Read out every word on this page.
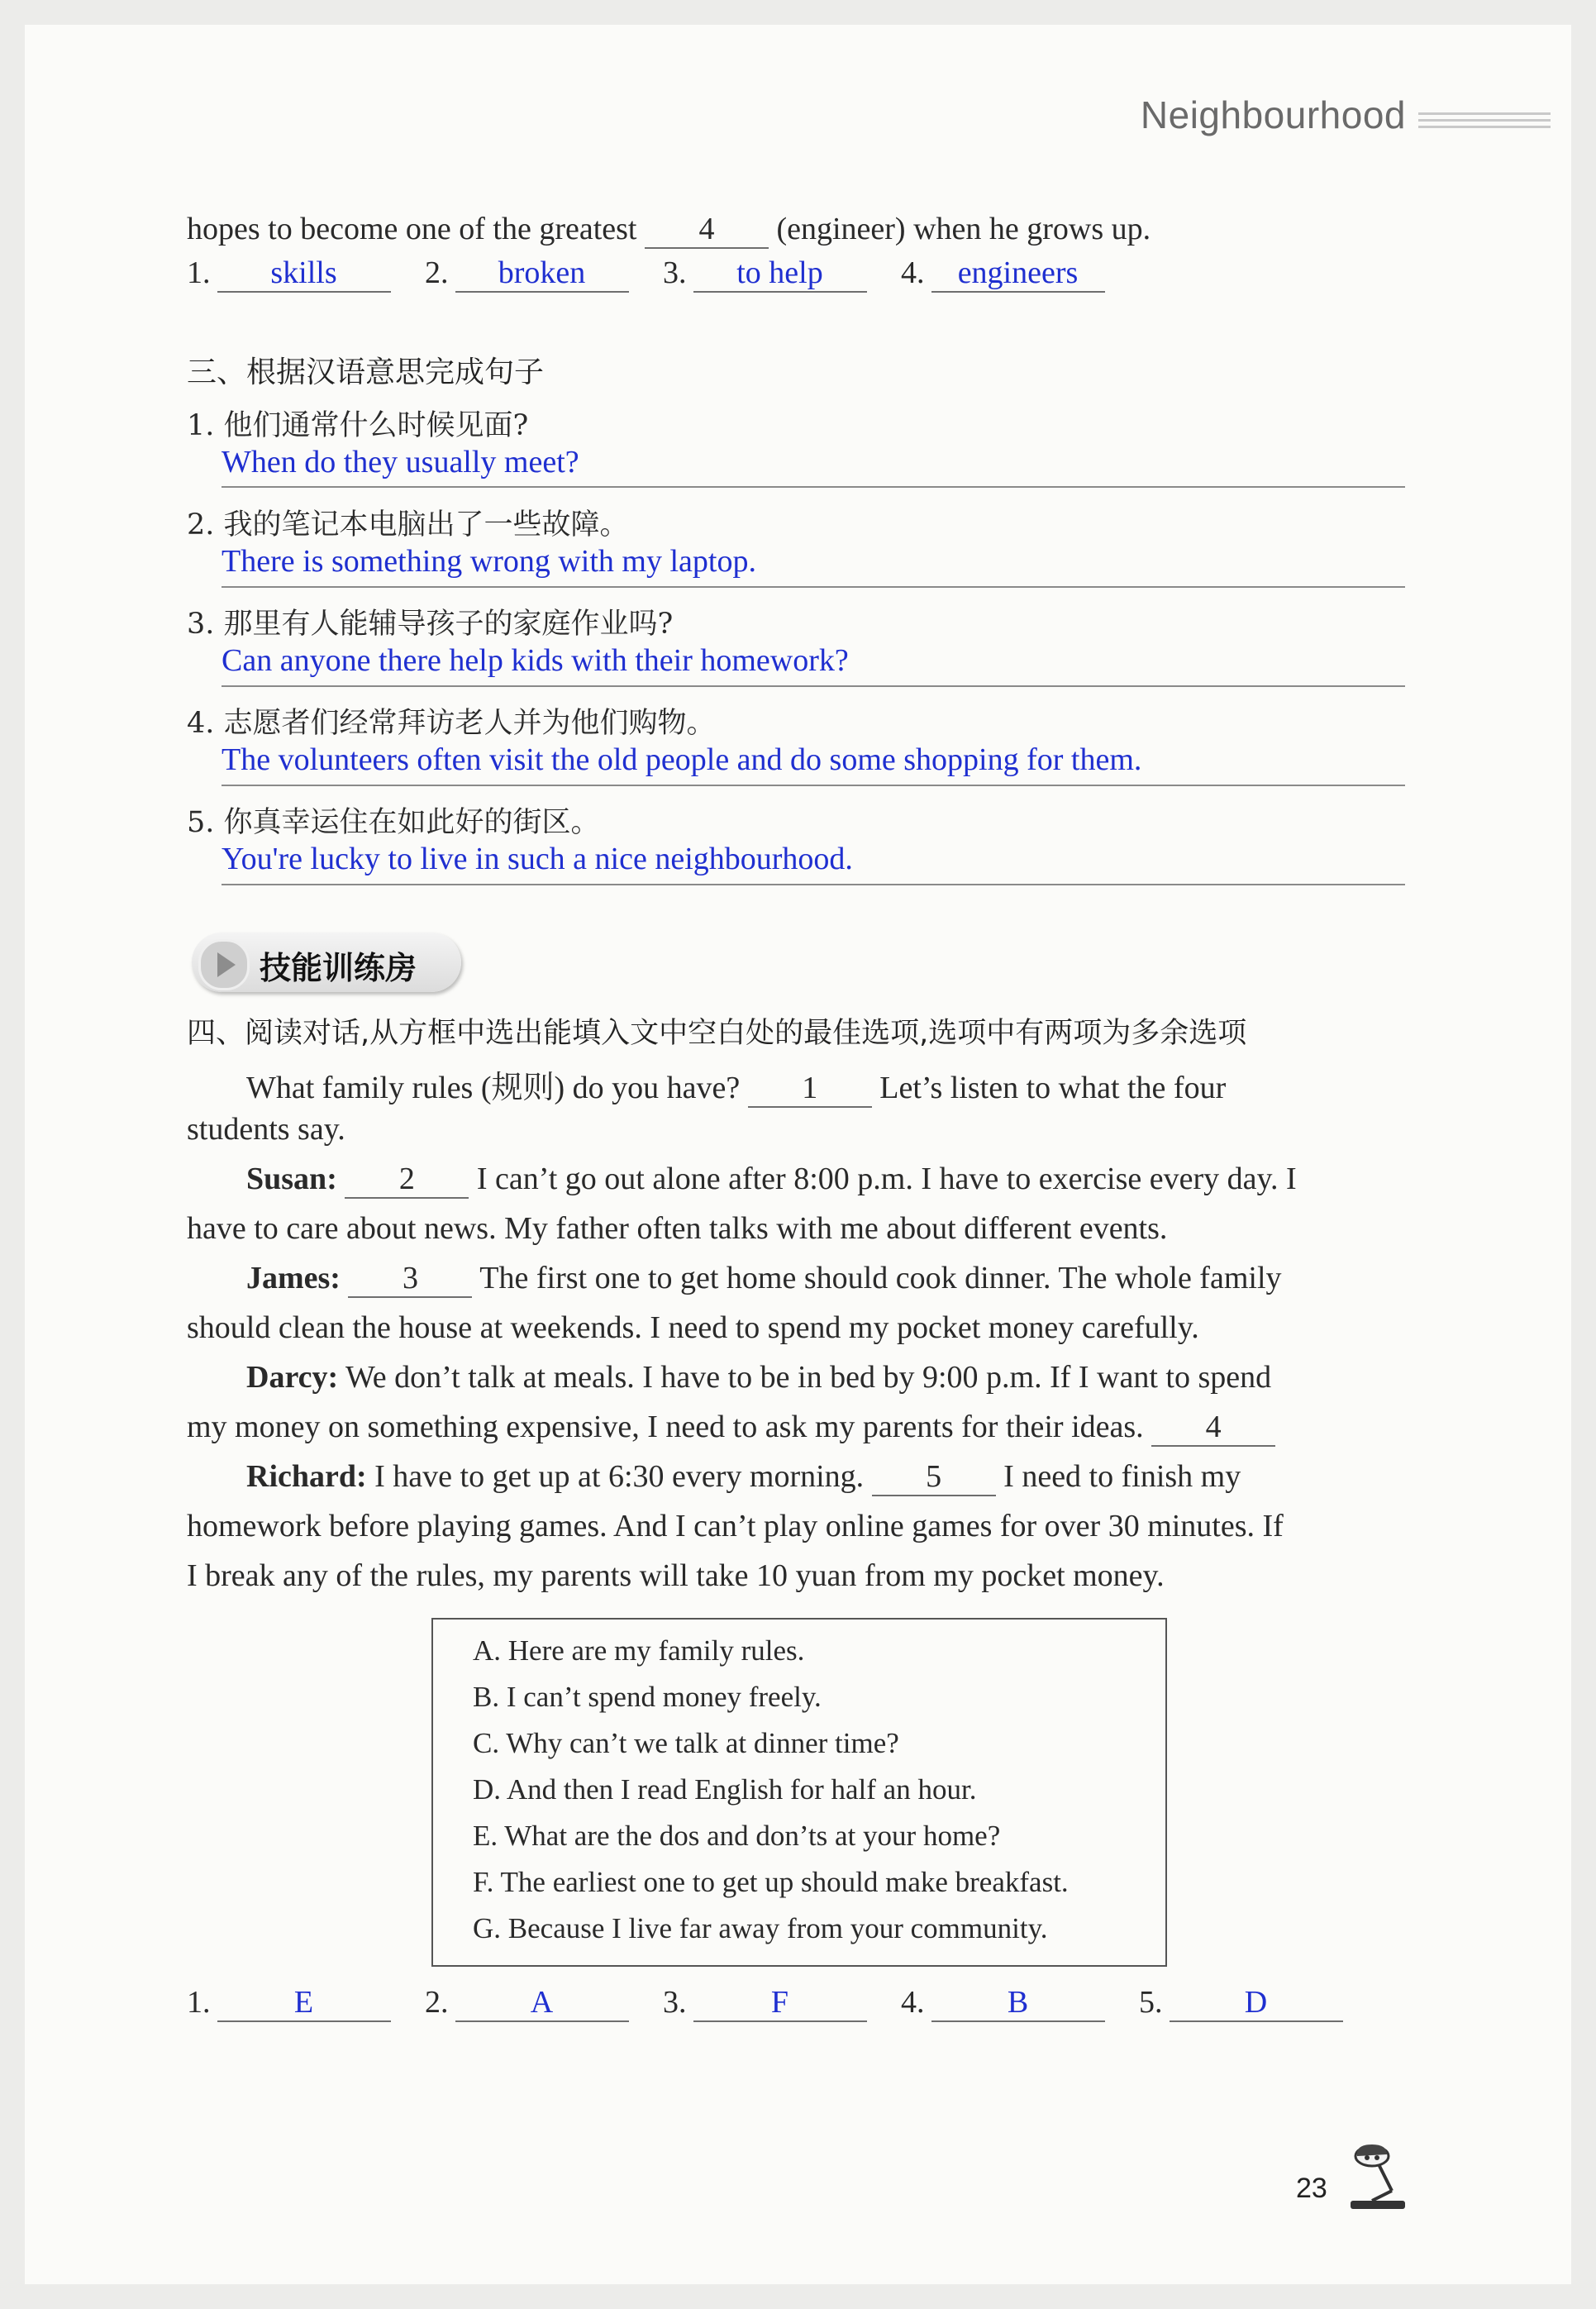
Neighbourhood
hopes to become one of the greatest 4 (engineer) when he grows up.
1. skills	2. broken	3. to help	4. engineers
三、根据汉语意思完成句子
1. 他们通常什么时候见面?
When do they usually meet?
2. 我的笔记本电脑出了一些故障。
There is something wrong with my laptop.
3. 那里有人能辅导孩子的家庭作业吗?
Can anyone there help kids with their homework?
4. 志愿者们经常拜访老人并为他们购物。
The volunteers often visit the old people and do some shopping for them.
5. 你真幸运住在如此好的街区。
You're lucky to live in such a nice neighbourhood.
技能训练房
四、阅读对话,从方框中选出能填入文中空白处的最佳选项,选项中有两项为多余选项
What family rules (规则) do you have? 1 Let’s listen to what the four
students say.
Susan: 2 I can’t go out alone after 8:00 p.m. I have to exercise every day. I
have to care about news. My father often talks with me about different events.
James: 3 The first one to get home should cook dinner. The whole family
should clean the house at weekends. I need to spend my pocket money carefully.
Darcy: We don’t talk at meals. I have to be in bed by 9:00 p.m. If I want to spend
my money on something expensive, I need to ask my parents for their ideas. 4
Richard: I have to get up at 6:30 every morning. 5 I need to finish my
homework before playing games. And I can’t play online games for over 30 minutes. If
I break any of the rules, my parents will take 10 yuan from my pocket money.
A. Here are my family rules.
B. I can’t spend money freely.
C. Why can’t we talk at dinner time?
D. And then I read English for half an hour.
E. What are the dos and don’ts at your home?
F. The earliest one to get up should make breakfast.
G. Because I live far away from your community.
1.	E	2.	A	3.	F	4.	B	5.	D
23
